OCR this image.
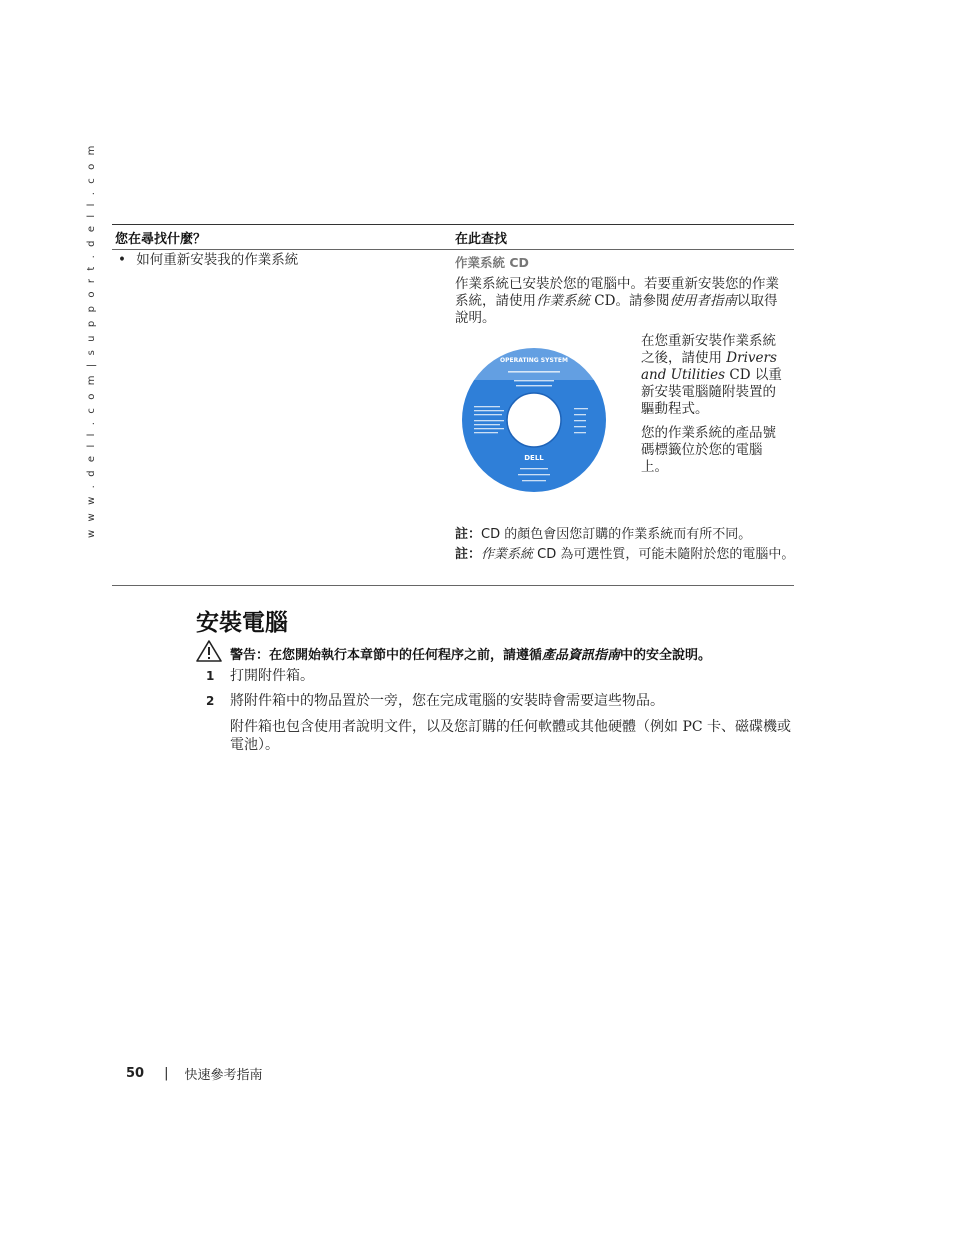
w w w . d e l l . c o m | s u p p o r t . d e l l . c o m 您在尋找什麼？	在此查找
• 如何重新安裝我的作業系統	作業系統 CD
作業系統已安裝於您的電腦中。若要重新安裝您的作業系統，請使用作業系統 CD。請參閱使用者指南以取得說明。
OPERATING SYSTEM
DELL
在您重新安裝作業系統之後，請使用 Drivers and Utilities CD 以重新安裝電腦隨附裝置的驅動程式。
您的作業系統的產品號碼標籤位於您的電腦上。
註：CD 的顏色會因您訂購的作業系統而有所不同。
註：作業系統 CD 為可選性質，可能未隨附於您的電腦中。
安裝電腦
警告：在您開始執行本章節中的任何程序之前，請遵循產品資訊指南中的安全說明。
1 打開附件箱。
2 將附件箱中的物品置於一旁，您在完成電腦的安裝時會需要這些物品。
附件箱也包含使用者說明文件，以及您訂購的任何軟體或其他硬體（例如 PC 卡、磁碟機或電池）。
50 | 快速參考指南
